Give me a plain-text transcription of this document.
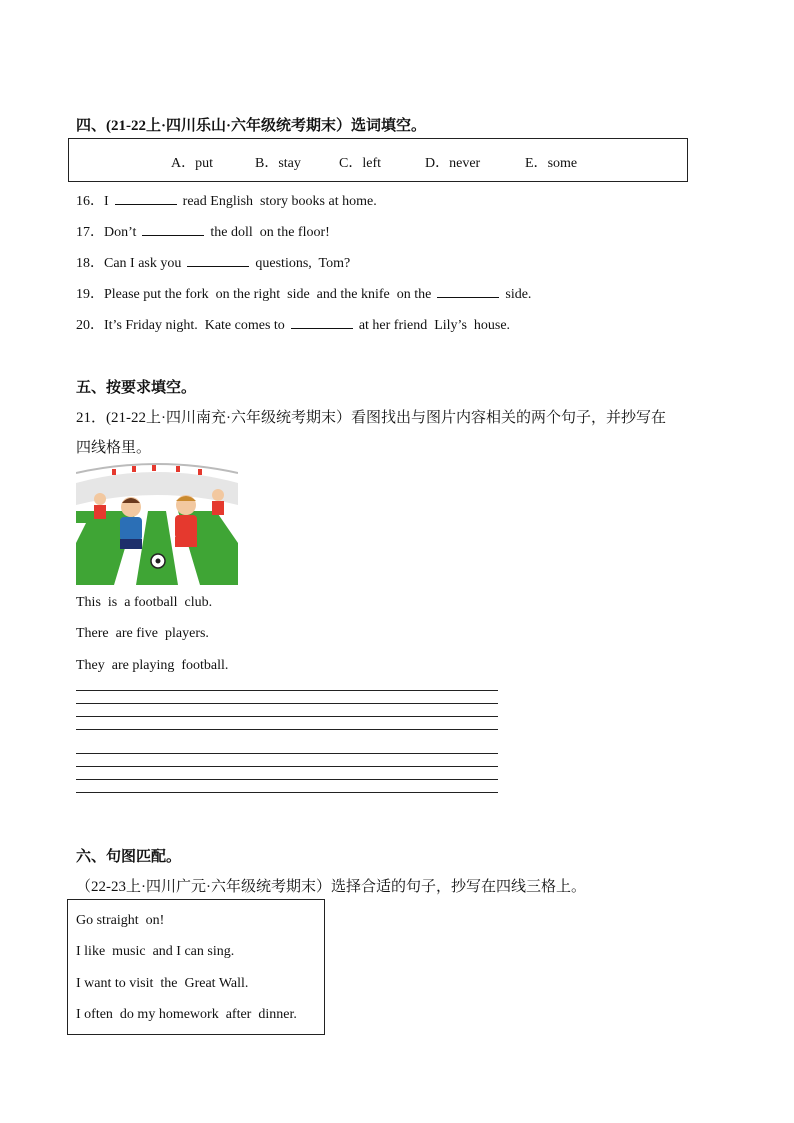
四、(21-22上·四川乐山·六年级统考期末）选词填空。
A．put	B．stay	C．left	D．never	E．some
16．I	read English  story books at home.
17．Don’t	the doll  on the floor!
18．Can I ask you	questions,  Tom?
19．Please put the fork  on the right  side  and the knife  on the	side.
20．It’s Friday night.  Kate comes to	at her friend  Lily’s  house.
五、按要求填空。
21．(21-22上·四川南充·六年级统考期末）看图找出与图片内容相关的两个句子，并抄写在
四线格里。
This  is  a football  club.
There  are five  players.
They  are playing  football.
六、句图匹配。
（22-23上·四川广元·六年级统考期末）选择合适的句子，抄写在四线三格上。
Go straight  on!
I like  music  and I can sing.
I want to visit  the  Great Wall.
I often  do my homework  after  dinner.
